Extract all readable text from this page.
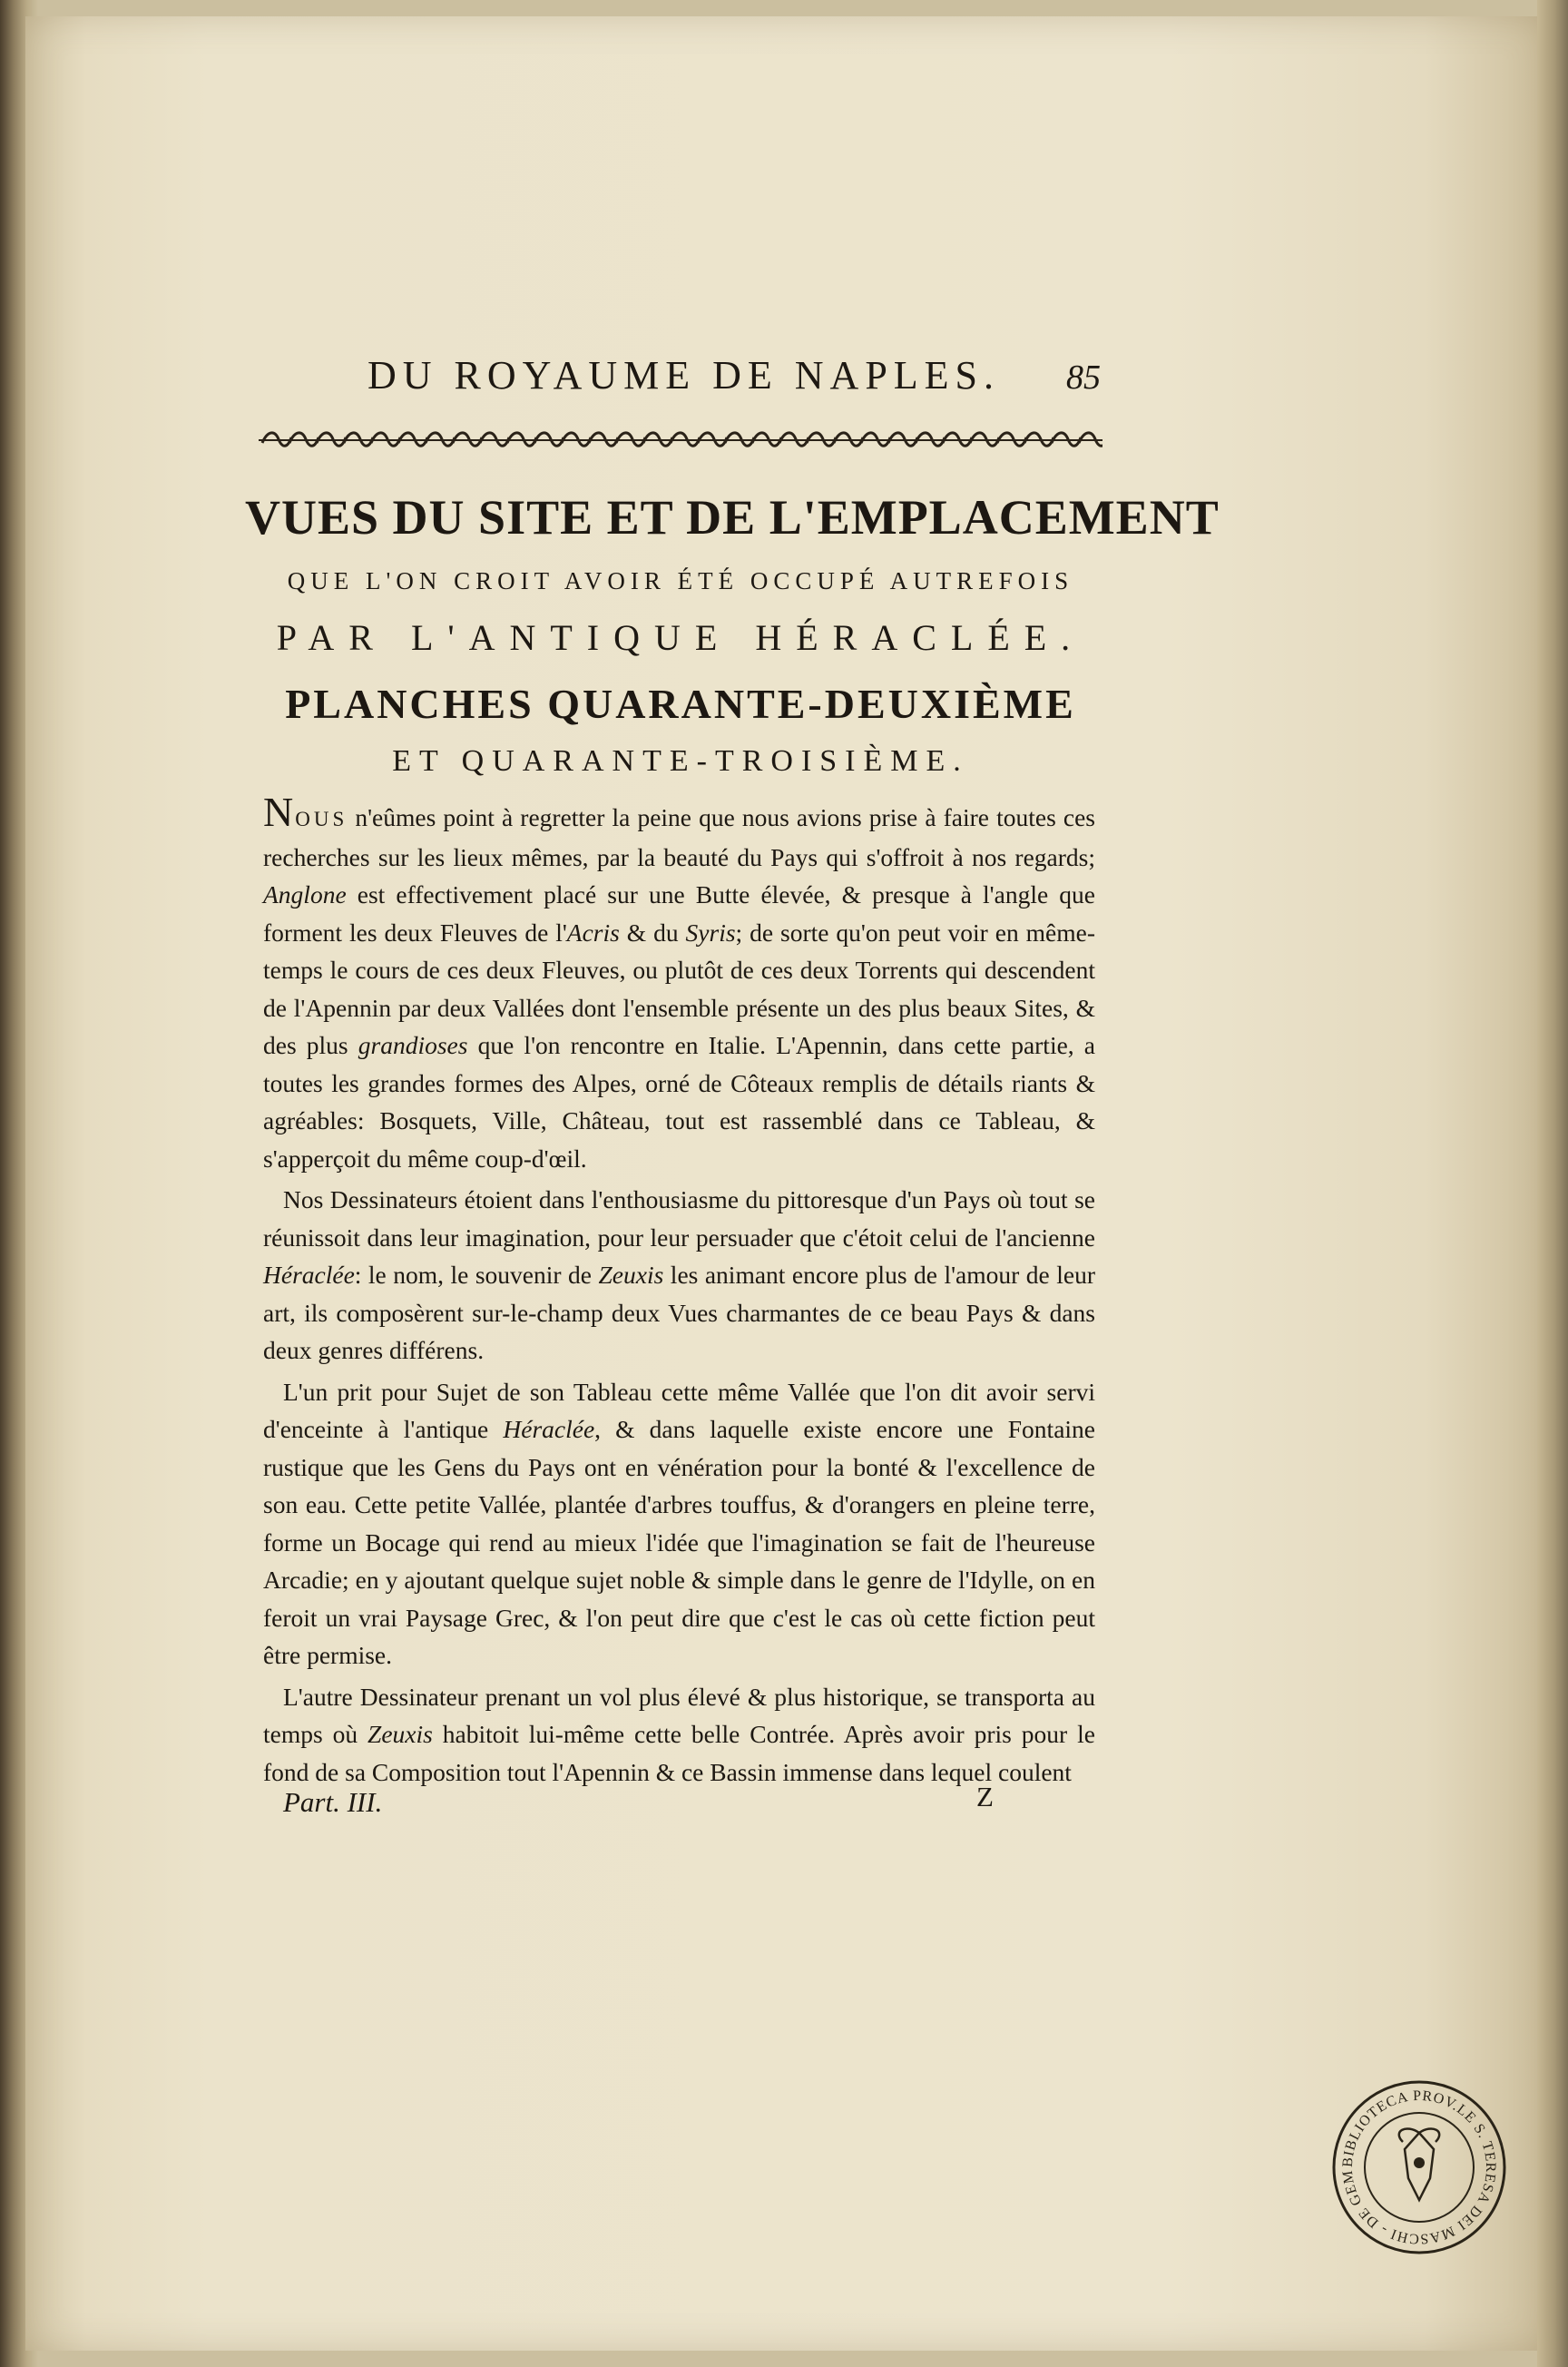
DU ROYAUME DE NAPLES. 85
VUES DU SITE ET DE L'EMPLACEMENT
QUE L'ON CROIT AVOIR ÉTÉ OCCUPÉ AUTREFOIS
PAR L'ANTIQUE HÉRACLÉE.
PLANCHES QUARANTE-DEUXIÈME
ET QUARANTE-TROISIÈME.

NOUS n'eûmes point à regretter la peine que nous avions prise à faire toutes ces recherches sur les lieux mêmes, par la beauté du Pays qui s'offroit à nos regards; Anglone est effectivement placé sur une Butte élevée, & presque à l'angle que forment les deux Fleuves de l'Acris & du Syris; de sorte qu'on peut voir en même-temps le cours de ces deux Fleuves, ou plutôt de ces deux Torrents qui descendent de l'Apennin par deux Vallées dont l'ensemble présente un des plus beaux Sites, & des plus grandioses que l'on rencontre en Italie. L'Apennin, dans cette partie, a toutes les grandes formes des Alpes, orné de Côteaux remplis de détails riants & agréables: Bosquets, Ville, Château, tout est rassemblé dans ce Tableau, & s'apperçoit du même coup-d'œil.

Nos Dessinateurs étoient dans l'enthousiasme du pittoresque d'un Pays où tout se réunissoit dans leur imagination, pour leur persuader que c'étoit celui de l'ancienne Héraclée: le nom, le souvenir de Zeuxis les animant encore plus de l'amour de leur art, ils composèrent sur-le-champ deux Vues charmantes de ce beau Pays & dans deux genres différens.

L'un prit pour Sujet de son Tableau cette même Vallée que l'on dit avoir servi d'enceinte à l'antique Héraclée, & dans laquelle existe encore une Fontaine rustique que les Gens du Pays ont en vénération pour la bonté & l'excellence de son eau. Cette petite Vallée, plantée d'arbres touffus, & d'orangers en pleine terre, forme un Bocage qui rend au mieux l'idée que l'imagination se fait de l'heureuse Arcadie; en y ajoutant quelque sujet noble & simple dans le genre de l'Idylle, on en feroit un vrai Paysage Grec, & l'on peut dire que c'est le cas où cette fiction peut être permise.

L'autre Dessinateur prenant un vol plus élevé & plus historique, se transporta au temps où Zeuxis habitoit lui-même cette belle Contrée. Après avoir pris pour le fond de sa Composition tout l'Apennin & ce Bassin immense dans lequel coulent

Part. III.	Z
BIBLIOTECA PROV.LE S. TERESA DEI MASCHI - DE GEM
